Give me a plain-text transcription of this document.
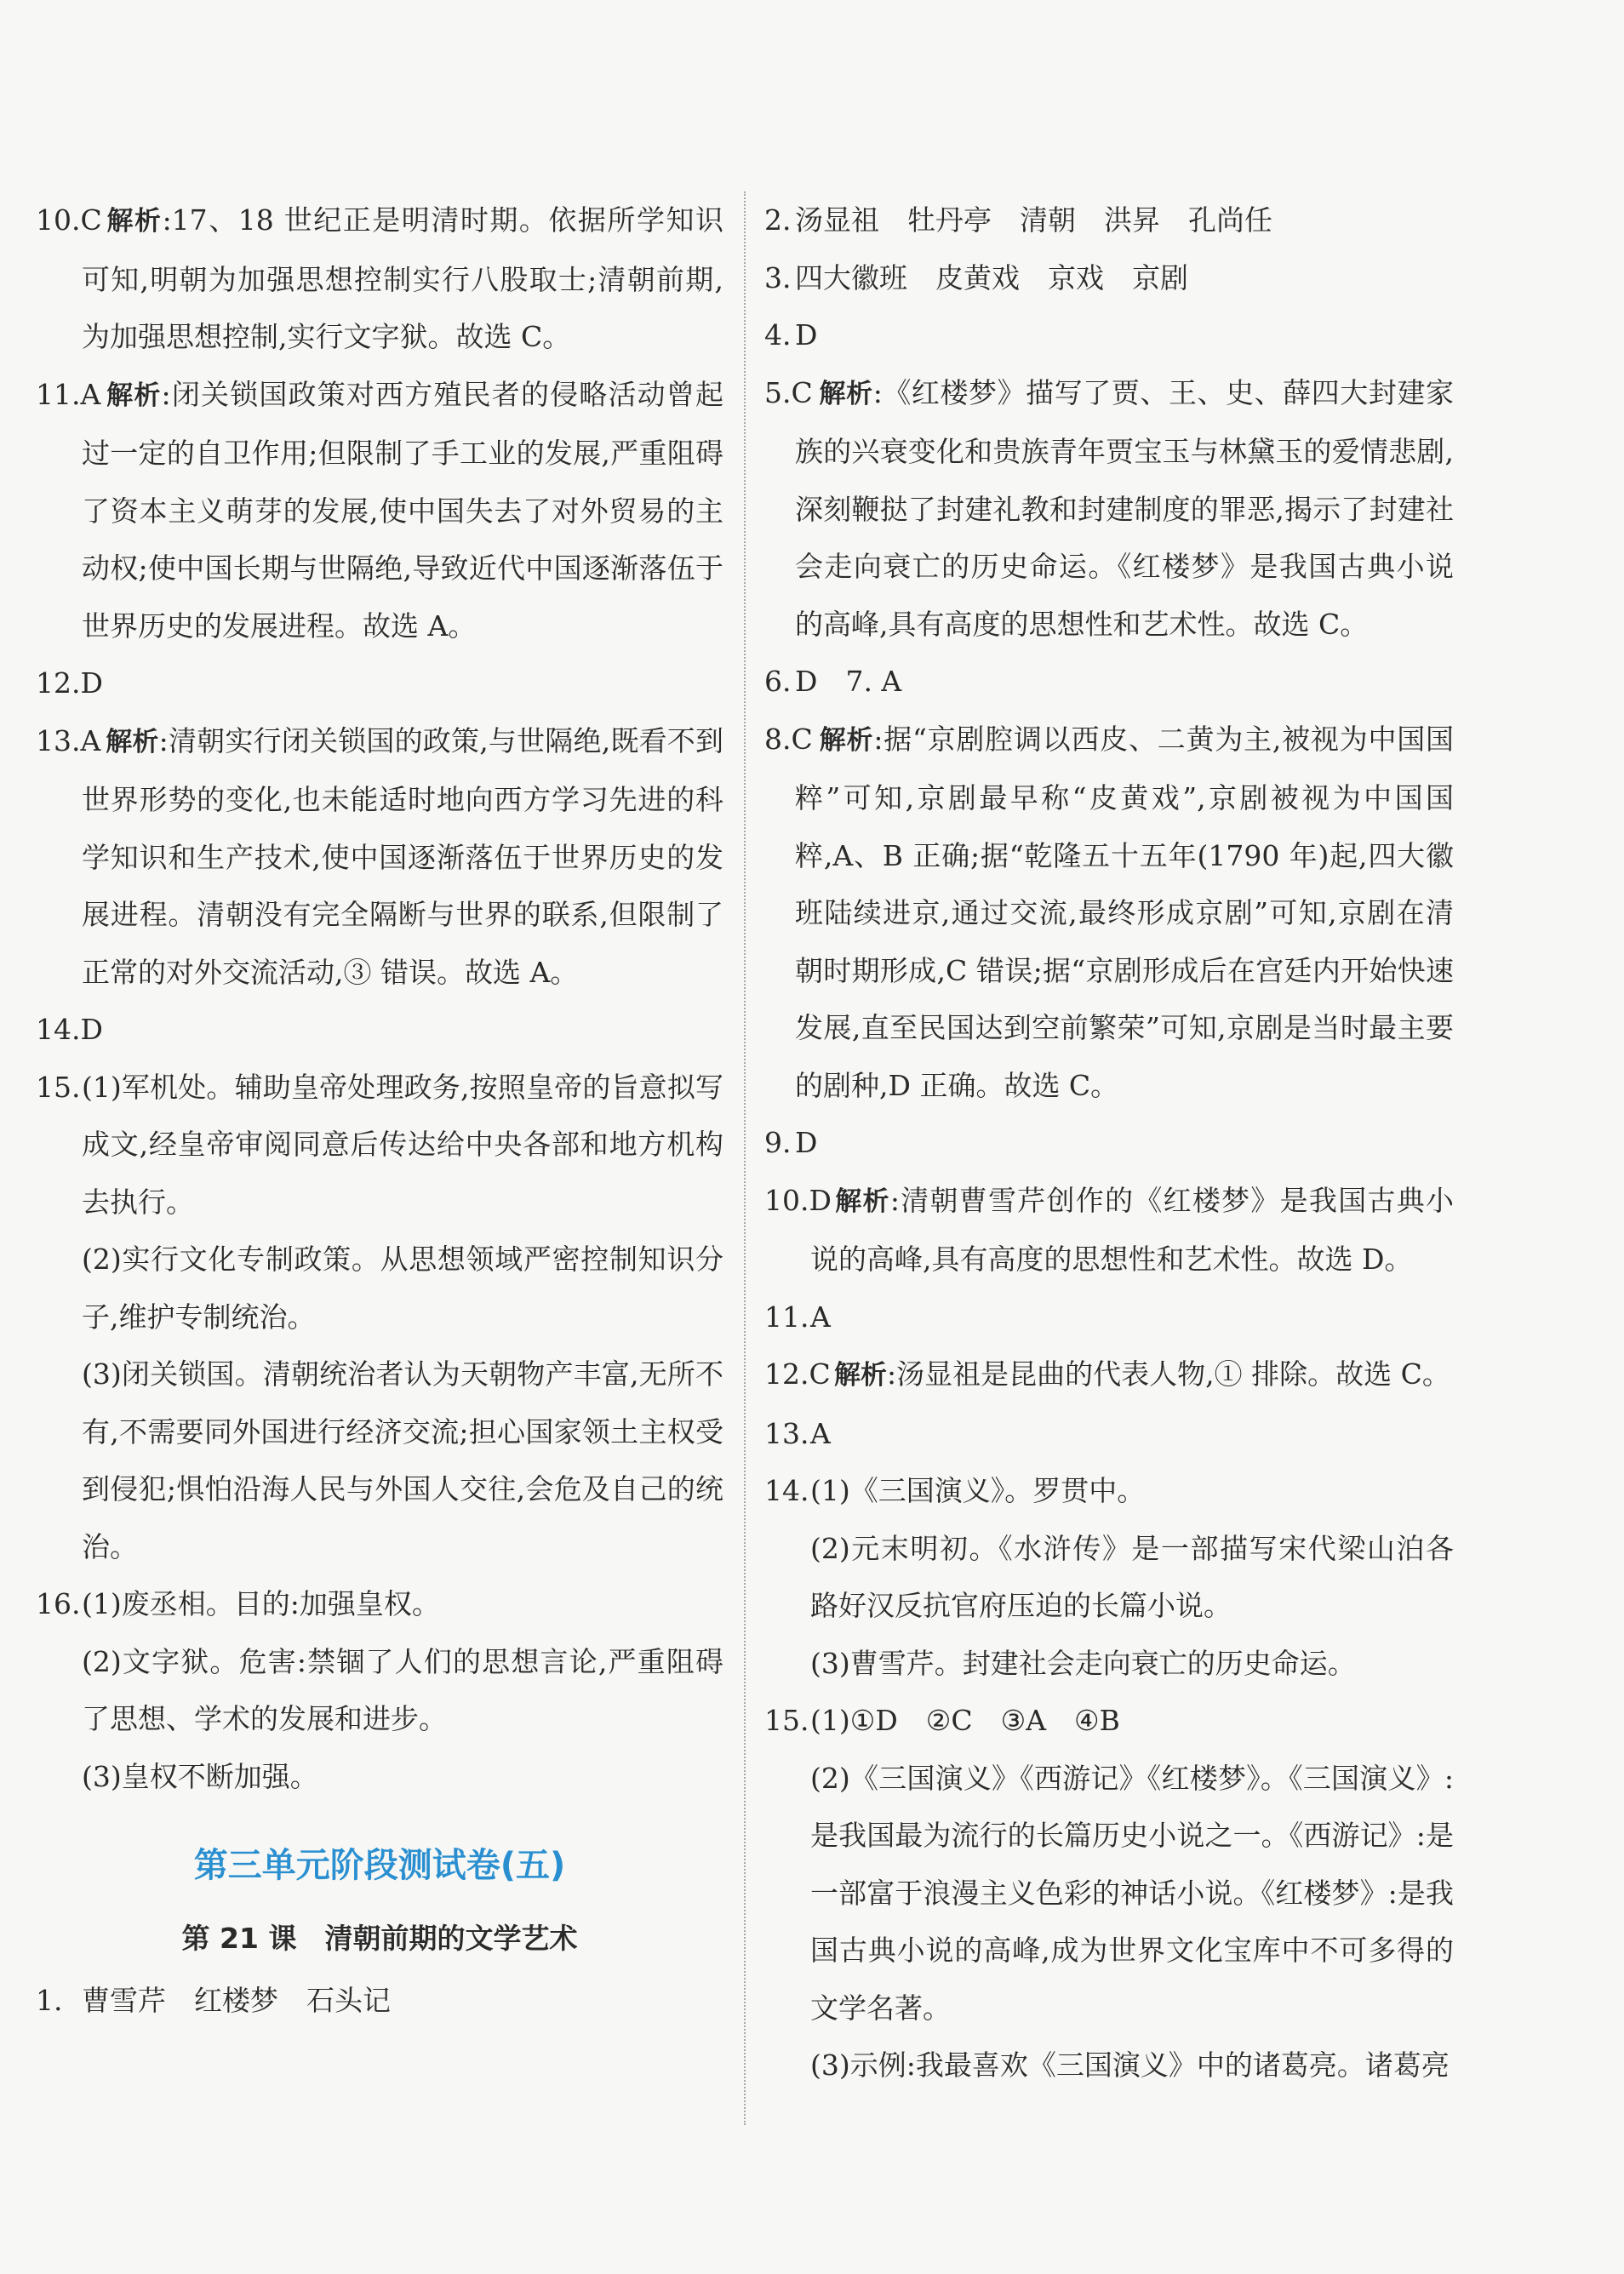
10.C 解析:17、18 世纪正是明清时期。依据所学知识可知,明朝为加强思想控制实行八股取士;清朝前期,为加强思想控制,实行文字狱。故选 C。
11.A 解析:闭关锁国政策对西方殖民者的侵略活动曾起过一定的自卫作用;但限制了手工业的发展,严重阻碍了资本主义萌芽的发展,使中国失去了对外贸易的主动权;使中国长期与世隔绝,导致近代中国逐渐落伍于世界历史的发展进程。故选 A。
12.D
13.A 解析:清朝实行闭关锁国的政策,与世隔绝,既看不到世界形势的变化,也未能适时地向西方学习先进的科学知识和生产技术,使中国逐渐落伍于世界历史的发展进程。清朝没有完全隔断与世界的联系,但限制了正常的对外交流活动,③ 错误。故选 A。
14.D
15. (1)军机处。辅助皇帝处理政务,按照皇帝的旨意拟写成文,经皇帝审阅同意后传达给中央各部和地方机构去执行。
(2)实行文化专制政策。从思想领域严密控制知识分子,维护专制统治。
(3)闭关锁国。清朝统治者认为天朝物产丰富,无所不有,不需要同外国进行经济交流;担心国家领土主权受到侵犯;惧怕沿海人民与外国人交往,会危及自己的统治。
16. (1)废丞相。目的:加强皇权。
(2)文字狱。危害:禁锢了人们的思想言论,严重阻碍了思想、学术的发展和进步。
(3)皇权不断加强。
第三单元阶段测试卷(五)
第 21 课　清朝前期的文学艺术
1. 曹雪芹　红楼梦　石头记
2. 汤显祖　牡丹亭　清朝　洪昇　孔尚任
3. 四大徽班　皮黄戏　京戏　京剧
4. D
5.C 解析:《红楼梦》描写了贾、王、史、薛四大封建家族的兴衰变化和贵族青年贾宝玉与林黛玉的爱情悲剧,深刻鞭挞了封建礼教和封建制度的罪恶,揭示了封建社会走向衰亡的历史命运。《红楼梦》是我国古典小说的高峰,具有高度的思想性和艺术性。故选 C。
6. D　7. A
8.C 解析:据“京剧腔调以西皮、二黄为主,被视为中国国粹”可知,京剧最早称“皮黄戏”,京剧被视为中国国粹,A、B 正确;据“乾隆五十五年(1790 年)起,四大徽班陆续进京,通过交流,最终形成京剧”可知,京剧在清朝时期形成,C 错误;据“京剧形成后在宫廷内开始快速发展,直至民国达到空前繁荣”可知,京剧是当时最主要的剧种,D 正确。故选 C。
9. D
10.D 解析:清朝曹雪芹创作的《红楼梦》是我国古典小说的高峰,具有高度的思想性和艺术性。故选 D。
11. A
12.C 解析:汤显祖是昆曲的代表人物,① 排除。故选 C。
13. A
14. (1)《三国演义》。罗贯中。
(2)元末明初。《水浒传》是一部描写宋代梁山泊各路好汉反抗官府压迫的长篇小说。
(3)曹雪芹。封建社会走向衰亡的历史命运。
15. (1)①D　②C　③A　④B
(2)《三国演义》《西游记》《红楼梦》。《三国演义》:是我国最为流行的长篇历史小说之一。《西游记》:是一部富于浪漫主义色彩的神话小说。《红楼梦》:是我国古典小说的高峰,成为世界文化宝库中不可多得的文学名著。
(3)示例:我最喜欢《三国演义》中的诸葛亮。诸葛亮
